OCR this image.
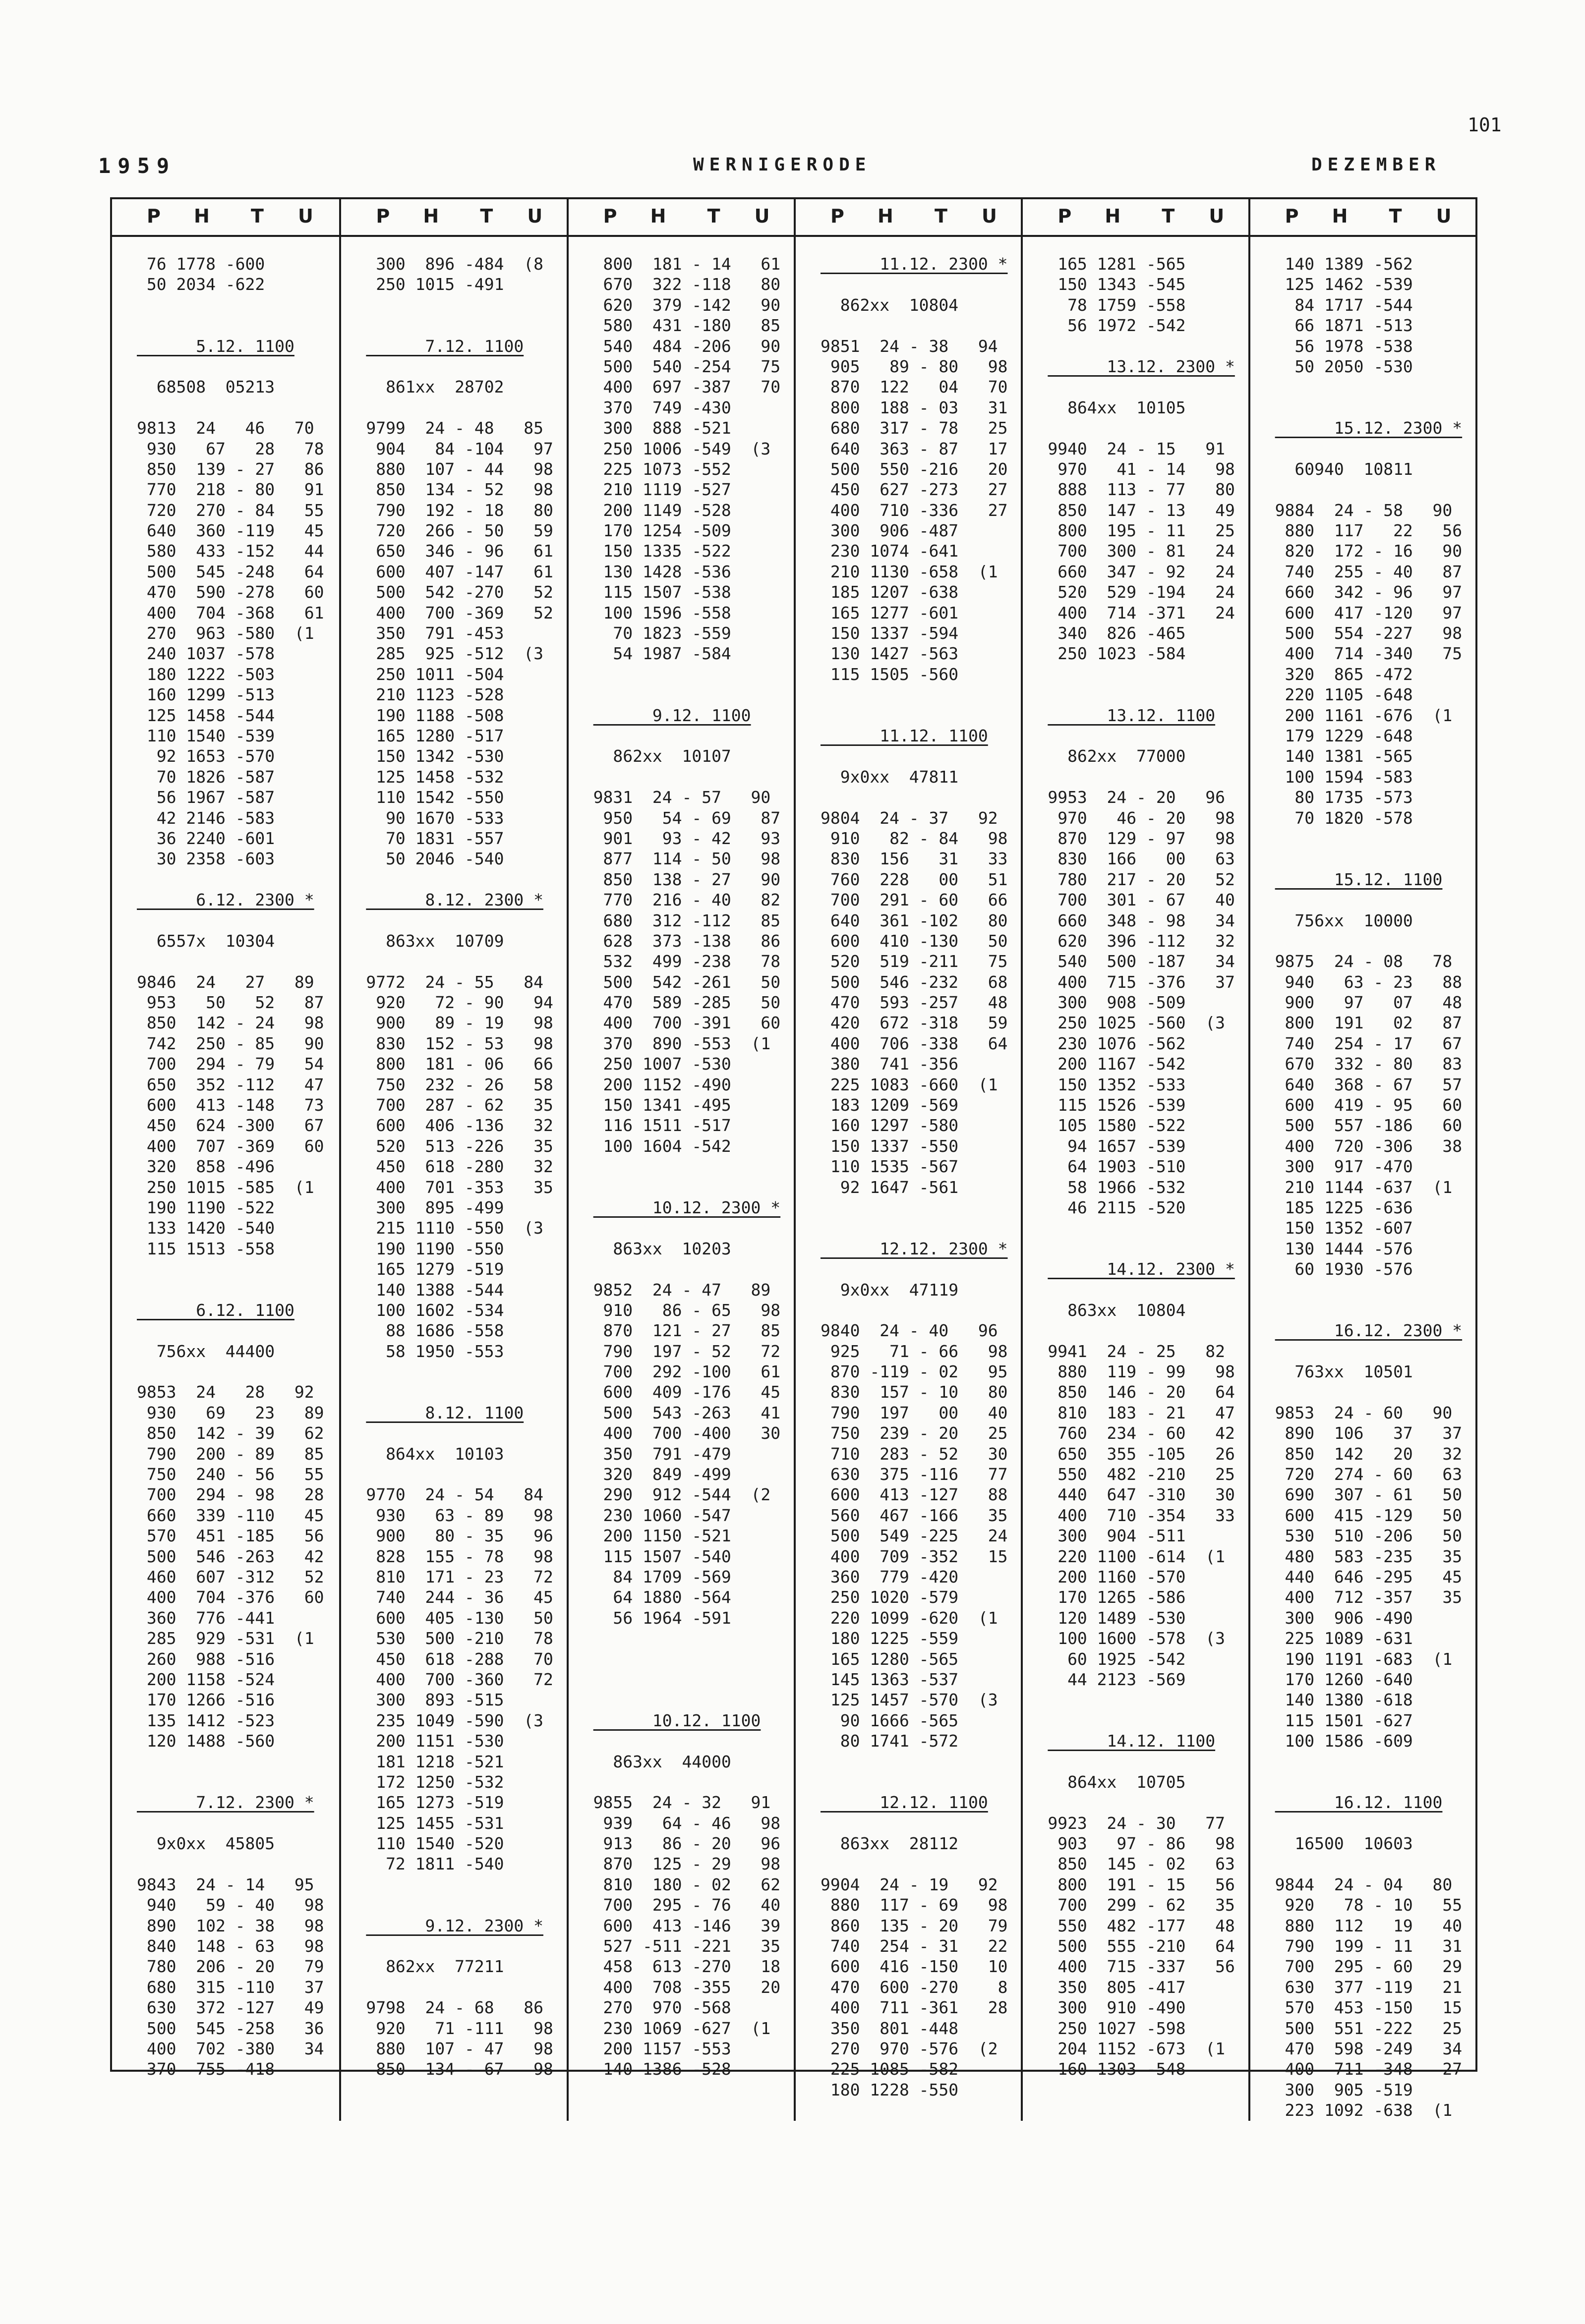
101
1959	WERNIGERODE	DEZEMBER
P H T U
76 1778 -600
50 2034 -622
5.12. 1100
68508  05213
9813  24   46   70
930   67   28   78
850  139 - 27   86
770  218 - 80   91
720  270 - 84   55
640  360 -119   45
580  433 -152   44
500  545 -248   64
470  590 -278   60
400  704 -368   61
270  963 -580  (1
240 1037 -578
180 1222 -503
160 1299 -513
125 1458 -544
110 1540 -539
92 1653 -570
70 1826 -587
56 1967 -587
42 2146 -583
36 2240 -601
30 2358 -603
6.12. 2300 *
6557x  10304
9846  24   27   89
953   50   52   87
850  142 - 24   98
742  250 - 85   90
700  294 - 79   54
650  352 -112   47
600  413 -148   73
450  624 -300   67
400  707 -369   60
320  858 -496
250 1015 -585  (1
190 1190 -522
133 1420 -540
115 1513 -558
6.12. 1100
756xx  44400
9853  24   28   92
930   69   23   89
850  142 - 39   62
790  200 - 89   85
750  240 - 56   55
700  294 - 98   28
660  339 -110   45
570  451 -185   56
500  546 -263   42
460  607 -312   52
400  704 -376   60
360  776 -441
285  929 -531  (1
260  988 -516
200 1158 -524
170 1266 -516
135 1412 -523
120 1488 -560
7.12. 2300 *
9x0xx  45805
9843  24 - 14   95
940   59 - 40   98
890  102 - 38   98
840  148 - 63   98
780  206 - 20   79
680  315 -110   37
630  372 -127   49
500  545 -258   36
400  702 -380   34
370  755 -418
P H T U
300  896 -484  (8
250 1015 -491
7.12. 1100
861xx  28702
9799  24 - 48   85
904   84 -104   97
880  107 - 44   98
850  134 - 52   98
790  192 - 18   80
720  266 - 50   59
650  346 - 96   61
600  407 -147   61
500  542 -270   52
400  700 -369   52
350  791 -453
285  925 -512  (3
250 1011 -504
210 1123 -528
190 1188 -508
165 1280 -517
150 1342 -530
125 1458 -532
110 1542 -550
90 1670 -533
70 1831 -557
50 2046 -540
8.12. 2300 *
863xx  10709
9772  24 - 55   84
920   72 - 90   94
900   89 - 19   98
830  152 - 53   98
800  181 - 06   66
750  232 - 26   58
700  287 - 62   35
600  406 -136   32
520  513 -226   35
450  618 -280   32
400  701 -353   35
300  895 -499
215 1110 -550  (3
190 1190 -550
165 1279 -519
140 1388 -544
100 1602 -534
88 1686 -558
58 1950 -553
8.12. 1100
864xx  10103
9770  24 - 54   84
930   63 - 89   98
900   80 - 35   96
828  155 - 78   98
810  171 - 23   72
740  244 - 36   45
600  405 -130   50
530  500 -210   78
450  618 -288   70
400  700 -360   72
300  893 -515
235 1049 -590  (3
200 1151 -530
181 1218 -521
172 1250 -532
165 1273 -519
125 1455 -531
110 1540 -520
72 1811 -540
9.12. 2300 *
862xx  77211
9798  24 - 68   86
920   71 -111   98
880  107 - 47   98
850  134 - 67   98
P H T U
800  181 - 14   61
670  322 -118   80
620  379 -142   90
580  431 -180   85
540  484 -206   90
500  540 -254   75
400  697 -387   70
370  749 -430
300  888 -521
250 1006 -549  (3
225 1073 -552
210 1119 -527
200 1149 -528
170 1254 -509
150 1335 -522
130 1428 -536
115 1507 -538
100 1596 -558
70 1823 -559
54 1987 -584
9.12. 1100
862xx  10107
9831  24 - 57   90
950   54 - 69   87
901   93 - 42   93
877  114 - 50   98
850  138 - 27   90
770  216 - 40   82
680  312 -112   85
628  373 -138   86
532  499 -238   78
500  542 -261   50
470  589 -285   50
400  700 -391   60
370  890 -553  (1
250 1007 -530
200 1152 -490
150 1341 -495
116 1511 -517
100 1604 -542
10.12. 2300 *
863xx  10203
9852  24 - 47   89
910   86 - 65   98
870  121 - 27   85
790  197 - 52   72
700  292 -100   61
600  409 -176   45
500  543 -263   41
400  700 -400   30
350  791 -479
320  849 -499
290  912 -544  (2
230 1060 -547
200 1150 -521
115 1507 -540
84 1709 -569
64 1880 -564
56 1964 -591
10.12. 1100
863xx  44000
9855  24 - 32   91
939   64 - 46   98
913   86 - 20   96
870  125 - 29   98
810  180 - 02   62
700  295 - 76   40
600  413 -146   39
527 -511 -221   35
458  613 -270   18
400  708 -355   20
270  970 -568
230 1069 -627  (1
200 1157 -553
140 1386 -528
P H T U
11.12. 2300 *
862xx  10804
9851  24 - 38   94
905   89 - 80   98
870  122   04   70
800  188 - 03   31
680  317 - 78   25
640  363 - 87   17
500  550 -216   20
450  627 -273   27
400  710 -336   27
300  906 -487
230 1074 -641
210 1130 -658  (1
185 1207 -638
165 1277 -601
150 1337 -594
130 1427 -563
115 1505 -560
11.12. 1100
9x0xx  47811
9804  24 - 37   92
910   82 - 84   98
830  156   31   33
760  228   00   51
700  291 - 60   66
640  361 -102   80
600  410 -130   50
520  519 -211   75
500  546 -232   68
470  593 -257   48
420  672 -318   59
400  706 -338   64
380  741 -356
225 1083 -660  (1
183 1209 -569
160 1297 -580
150 1337 -550
110 1535 -567
92 1647 -561
12.12. 2300 *
9x0xx  47119
9840  24 - 40   96
925   71 - 66   98
870 -119 - 02   95
830  157 - 10   80
790  197   00   40
750  239 - 20   25
710  283 - 52   30
630  375 -116   77
600  413 -127   88
560  467 -166   35
500  549 -225   24
400  709 -352   15
360  779 -420
250 1020 -579
220 1099 -620  (1
180 1225 -559
165 1280 -565
145 1363 -537
125 1457 -570  (3
90 1666 -565
80 1741 -572
12.12. 1100
863xx  28112
9904  24 - 19   92
880  117 - 69   98
860  135 - 20   79
740  254 - 31   22
600  416 -150   10
470  600 -270    8
400  711 -361   28
350  801 -448
270  970 -576  (2
225 1085 -582
180 1228 -550
P H T U
165 1281 -565
150 1343 -545
78 1759 -558
56 1972 -542
13.12. 2300 *
864xx  10105
9940  24 - 15   91
970   41 - 14   98
888  113 - 77   80
850  147 - 13   49
800  195 - 11   25
700  300 - 81   24
660  347 - 92   24
520  529 -194   24
400  714 -371   24
340  826 -465
250 1023 -584
13.12. 1100
862xx  77000
9953  24 - 20   96
970   46 - 20   98
870  129 - 97   98
830  166   00   63
780  217 - 20   52
700  301 - 67   40
660  348 - 98   34
620  396 -112   32
540  500 -187   34
400  715 -376   37
300  908 -509
250 1025 -560  (3
230 1076 -562
200 1167 -542
150 1352 -533
115 1526 -539
105 1580 -522
94 1657 -539
64 1903 -510
58 1966 -532
46 2115 -520
14.12. 2300 *
863xx  10804
9941  24 - 25   82
880  119 - 99   98
850  146 - 20   64
810  183 - 21   47
760  234 - 60   42
650  355 -105   26
550  482 -210   25
440  647 -310   30
400  710 -354   33
300  904 -511
220 1100 -614  (1
200 1160 -570
170 1265 -586
120 1489 -530
100 1600 -578  (3
60 1925 -542
44 2123 -569
14.12. 1100
864xx  10705
9923  24 - 30   77
903   97 - 86   98
850  145 - 02   63
800  191 - 15   56
700  299 - 62   35
550  482 -177   48
500  555 -210   64
400  715 -337   56
350  805 -417
300  910 -490
250 1027 -598
204 1152 -673  (1
160 1303 -548
P H T U
140 1389 -562
125 1462 -539
84 1717 -544
66 1871 -513
56 1978 -538
50 2050 -530
15.12. 2300 *
60940  10811
9884  24 - 58   90
880  117   22   56
820  172 - 16   90
740  255 - 40   87
660  342 - 96   97
600  417 -120   97
500  554 -227   98
400  714 -340   75
320  865 -472
220 1105 -648
200 1161 -676  (1
179 1229 -648
140 1381 -565
100 1594 -583
80 1735 -573
70 1820 -578
15.12. 1100
756xx  10000
9875  24 - 08   78
940   63 - 23   88
900   97   07   48
800  191   02   87
740  254 - 17   67
670  332 - 80   83
640  368 - 67   57
600  419 - 95   60
500  557 -186   60
400  720 -306   38
300  917 -470
210 1144 -637  (1
185 1225 -636
150 1352 -607
130 1444 -576
60 1930 -576
16.12. 2300 *
763xx  10501
9853  24 - 60   90
890  106   37   37
850  142   20   32
720  274 - 60   63
690  307 - 61   50
600  415 -129   50
530  510 -206   50
480  583 -235   35
440  646 -295   45
400  712 -357   35
300  906 -490
225 1089 -631
190 1191 -683  (1
170 1260 -640
140 1380 -618
115 1501 -627
100 1586 -609
16.12. 1100
16500  10603
9844  24 - 04   80
920   78 - 10   55
880  112   19   40
790  199 - 11   31
700  295 - 60   29
630  377 -119   21
570  453 -150   15
500  551 -222   25
470  598 -249   34
400  711 -348   27
300  905 -519
223 1092 -638  (1
